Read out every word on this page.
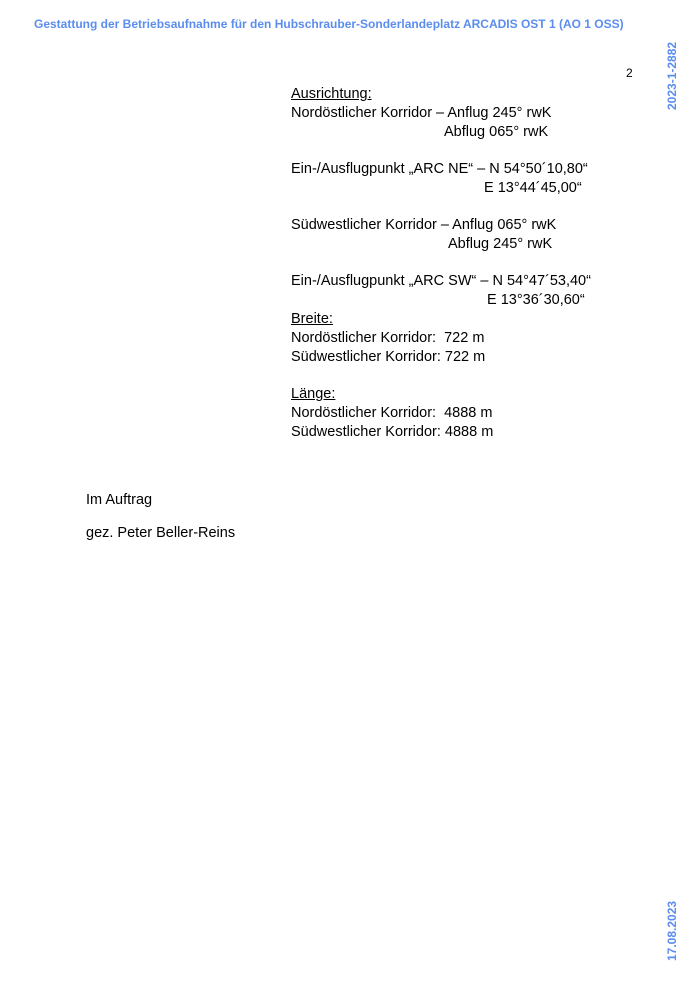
Gestattung der Betriebsaufnahme für den Hubschrauber-Sonderlandeplatz ARCADIS OST 1 (AO 1 OSS)
2	2023-1-2882
17.08.2023
Ausrichtung:
Nordöstlicher Korridor – Anflug 245° rwK
Abflug 065° rwK
Ein-/Ausflugpunkt „ARC NE“ – N 54°50´10,80“
E 13°44´45,00“
Südwestlicher Korridor – Anflug 065° rwK
Abflug 245° rwK
Ein-/Ausflugpunkt „ARC SW“ – N 54°47´53,40“
E 13°36´30,60“
Breite:
Nordöstlicher Korridor:  722 m
Südwestlicher Korridor: 722 m
Länge:
Nordöstlicher Korridor:  4888 m
Südwestlicher Korridor: 4888 m
Im Auftrag
gez. Peter Beller-Reins
